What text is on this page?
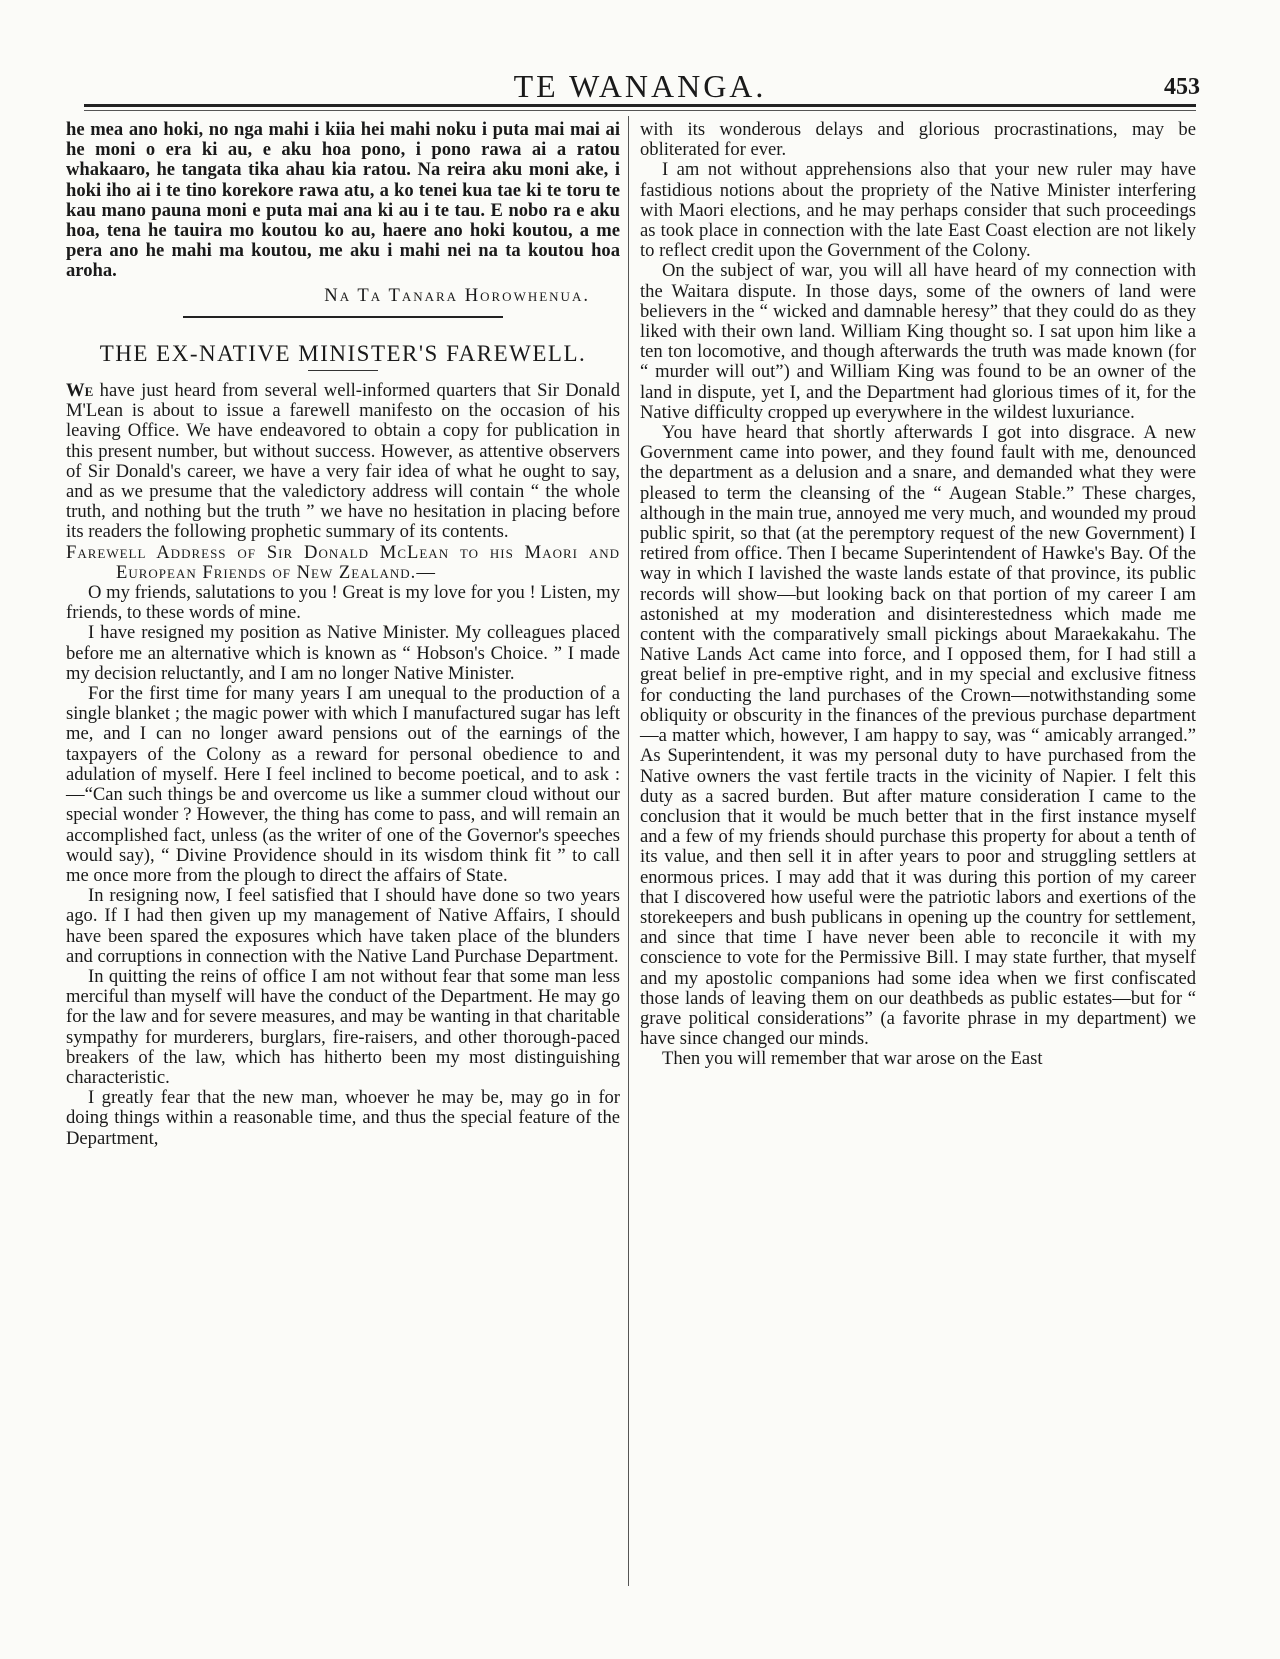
TE WANANGA.	453

he mea ano hoki, no nga mahi i kiia hei mahi noku i puta mai mai ai he moni o era ki au, e aku hoa pono, i pono rawa ai a ratou whakaaro, he tangata tika ahau kia ratou. Na reira aku moni ake, i hoki iho ai i te tino korekore rawa atu, a ko tenei kua tae ki te toru te kau mano pauna moni e puta mai ana ki au i te tau. E nobo ra e aku hoa, tena he tauira mo koutou ko au, haere ano hoki koutou, a me pera ano he mahi ma koutou, me aku i mahi nei na ta koutou hoa aroha.

Na Ta Tanara Horowhenua.
THE EX-NATIVE MINISTER'S FAREWELL.

We have just heard from several well-informed quarters that Sir Donald M'Lean is about to issue a farewell manifesto on the occasion of his leaving Office. We have endeavored to obtain a copy for publication in this present number, but without success. However, as attentive observers of Sir Donald's career, we have a very fair idea of what he ought to say, and as we presume that the valedictory address will contain “ the whole truth, and nothing but the truth ” we have no hesitation in placing before its readers the following prophetic summary of its contents.

Farewell Address of Sir Donald McLean to his Maori and European Friends of New Zealand.—

O my friends, salutations to you ! Great is my love for you ! Listen, my friends, to these words of mine.

I have resigned my position as Native Minister. My colleagues placed before me an alternative which is known as “ Hobson's Choice. ” I made my decision reluctantly, and I am no longer Native Minister.

For the first time for many years I am unequal to the production of a single blanket ; the magic power with which I manufactured sugar has left me, and I can no longer award pensions out of the earnings of the taxpayers of the Colony as a reward for personal obedience to and adulation of myself. Here I feel inclined to become poetical, and to ask :—“Can such things be and overcome us like a summer cloud without our special wonder ? However, the thing has come to pass, and will remain an accomplished fact, unless (as the writer of one of the Governor's speeches would say), “ Divine Providence should in its wisdom think fit ” to call me once more from the plough to direct the affairs of State.

In resigning now, I feel satisfied that I should have done so two years ago. If I had then given up my management of Native Affairs, I should have been spared the exposures which have taken place of the blunders and corruptions in connection with the Native Land Purchase Department.

In quitting the reins of office I am not without fear that some man less merciful than myself will have the conduct of the Department. He may go for the law and for severe measures, and may be wanting in that charitable sympathy for murderers, burglars, fire-raisers, and other thorough-paced breakers of the law, which has hitherto been my most distinguishing characteristic.

I greatly fear that the new man, whoever he may be, may go in for doing things within a reasonable time, and thus the special feature of the Department,

with its wonderous delays and glorious procrastinations, may be obliterated for ever.

I am not without apprehensions also that your new ruler may have fastidious notions about the propriety of the Native Minister interfering with Maori elections, and he may perhaps consider that such proceedings as took place in connection with the late East Coast election are not likely to reflect credit upon the Government of the Colony.

On the subject of war, you will all have heard of my connection with the Waitara dispute. In those days, some of the owners of land were believers in the “ wicked and damnable heresy” that they could do as they liked with their own land. William King thought so. I sat upon him like a ten ton locomotive, and though afterwards the truth was made known (for “ murder will out”) and William King was found to be an owner of the land in dispute, yet I, and the Department had glorious times of it, for the Native difficulty cropped up everywhere in the wildest luxuriance.

You have heard that shortly afterwards I got into disgrace. A new Government came into power, and they found fault with me, denounced the department as a delusion and a snare, and demanded what they were pleased to term the cleansing of the “ Augean Stable.” These charges, although in the main true, annoyed me very much, and wounded my proud public spirit, so that (at the peremptory request of the new Government) I retired from office. Then I became Superintendent of Hawke's Bay. Of the way in which I lavished the waste lands estate of that province, its public records will show—but looking back on that portion of my career I am astonished at my moderation and disinterestedness which made me content with the comparatively small pickings about Maraekakahu. The Native Lands Act came into force, and I opposed them, for I had still a great belief in pre-emptive right, and in my special and exclusive fitness for conducting the land purchases of the Crown—notwithstanding some obliquity or obscurity in the finances of the previous purchase department—a matter which, however, I am happy to say, was “ amicably arranged.” As Superintendent, it was my personal duty to have purchased from the Native owners the vast fertile tracts in the vicinity of Napier. I felt this duty as a sacred burden. But after mature consideration I came to the conclusion that it would be much better that in the first instance myself and a few of my friends should purchase this property for about a tenth of its value, and then sell it in after years to poor and struggling settlers at enormous prices. I may add that it was during this portion of my career that I discovered how useful were the patriotic labors and exertions of the storekeepers and bush publicans in opening up the country for settlement, and since that time I have never been able to reconcile it with my conscience to vote for the Permissive Bill. I may state further, that myself and my apostolic companions had some idea when we first confiscated those lands of leaving them on our deathbeds as public estates—but for “ grave political considerations” (a favorite phrase in my department) we have since changed our minds.

Then you will remember that war arose on the East
